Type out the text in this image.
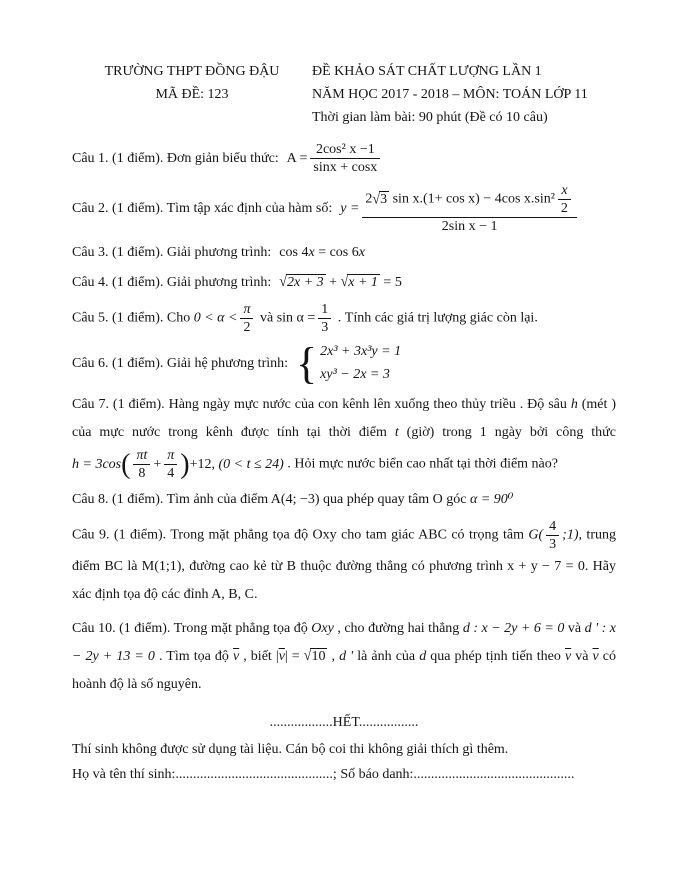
TRƯỜNG THPT ĐỒNG ĐẬU
MÃ ĐỀ: 123
ĐỀ KHẢO SÁT CHẤT LƯỢNG LẦN 1
NĂM HỌC 2017 - 2018 – MÔN: TOÁN LỚP 11
Thời gian làm bài: 90 phút (Đề có 10 câu)
Câu 1. (1 điểm). Đơn giản biểu thức: $A = \frac{\text{2cos² x −1}}{\sin x + \cos x}$
Câu 2. (1 điểm). Tìm tập xác định của hàm số: $y = \frac{2 √ 3 \sin x.(1+ \cos x) - 4\cos x.\sin^2 \frac{x}{2}}{\text{2sin x − 1}}$
Câu 3. (1 điểm). Giải phương trình: cos 4x = cos 6x
Câu 4. (1 điểm). Giải phương trình: √ 2x + 3 + √ x + 1 = 5
Câu 5. (1 điểm). Cho $0 < \alpha < \frac{\pi}{2}$ và $\sin \alpha = \frac{1}{3}$ . Tính các giá trị lượng giác còn lại.
Câu 6. (1 điểm). Giải hệ phương trình:
{ 2x³ + 3x³y = 1
xy³ − 2x = 3
Câu 7. (1 điểm). Hàng ngày mực nước của con kênh lên xuống theo thủy triều . Độ sâu h (mét ) của mực nước trong kênh được tính tại thời điểm t (giờ) trong 1 ngày bởi công thức $h = 3\cos \frac{\pi t}{8} + \frac{\pi}{4} +12$, (0 < t ≤ 24) . Hỏi mực nước biển cao nhất tại thời điểm nào?
Câu 8. (1 điểm). Tìm ảnh của điểm A(4; −3) qua phép quay tâm O góc α = 90⁰
Câu 9. (1 điểm). Trong mặt phẳng tọa độ Oxy cho tam giác ABC có trọng tâm $G( \frac{4}{3}$ ;1), trung điểm BC là M(1;1), đường cao kẻ từ B thuộc đường thẳng có phương trình x + y − 7 = 0. Hãy xác định tọa độ các đỉnh A, B, C.
Câu 10. (1 điểm). Trong mặt phẳng tọa độ Oxy , cho đường hai thẳng d : x − 2y + 6 = 0 và d ' : x − 2y + 13 = 0 . Tìm tọa độ $\overline{v}$ , biết $|\overline{v}|$ = √ 10 , d ' là ảnh của d qua phép tịnh tiến theo $\overline{v}$ và $\overline{v}$ có hoành độ là số nguyên.
..................HẾT.................
Thí sinh không được sử dụng tài liệu. Cán bộ coi thi không giải thích gì thêm.
Họ và tên thí sinh:.............................................; Số báo danh:..............................................
